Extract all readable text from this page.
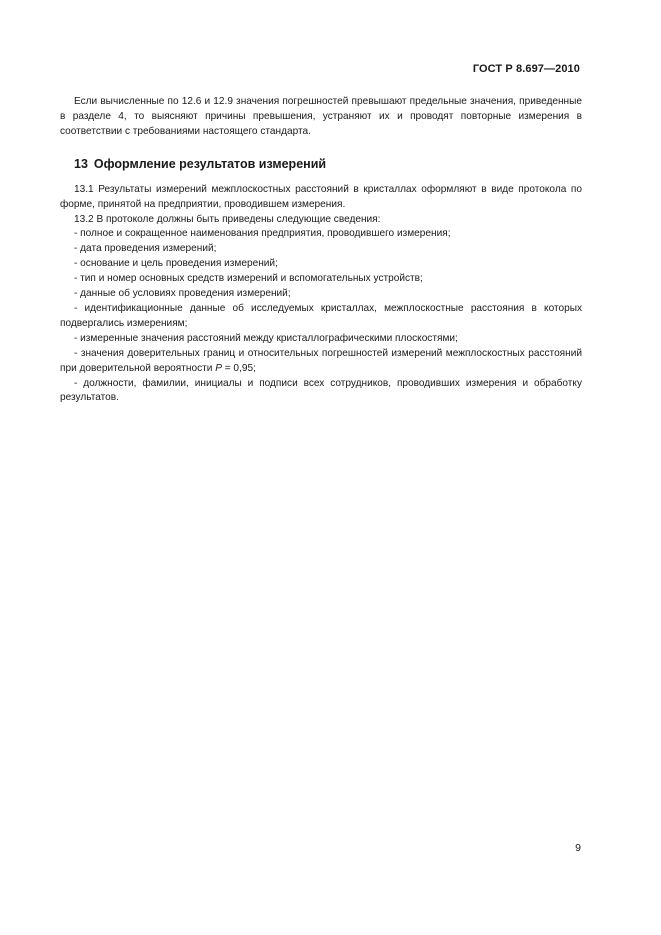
ГОСТ Р 8.697—2010

Если вычисленные по 12.6 и 12.9 значения погрешностей превышают предельные значения, приведенные в разделе 4, то выясняют причины превышения, устраняют их и проводят повторные измерения в соответствии с требованиями настоящего стандарта.

13 Оформление результатов измерений

13.1 Результаты измерений межплоскостных расстояний в кристаллах оформляют в виде протокола по форме, принятой на предприятии, проводившем измерения.

13.2 В протоколе должны быть приведены следующие сведения:

- полное и сокращенное наименования предприятия, проводившего измерения;

- дата проведения измерений;

- основание и цель проведения измерений;

- тип и номер основных средств измерений и вспомогательных устройств;

- данные об условиях проведения измерений;

- идентификационные данные об исследуемых кристаллах, межплоскостные расстояния в которых подвергались измерениям;

- измеренные значения расстояний между кристаллографическими плоскостями;

- значения доверительных границ и относительных погрешностей измерений межплоскостных расстояний при доверительной вероятности P = 0,95;

- должности, фамилии, инициалы и подписи всех сотрудников, проводивших измерения и обработку результатов.

9
